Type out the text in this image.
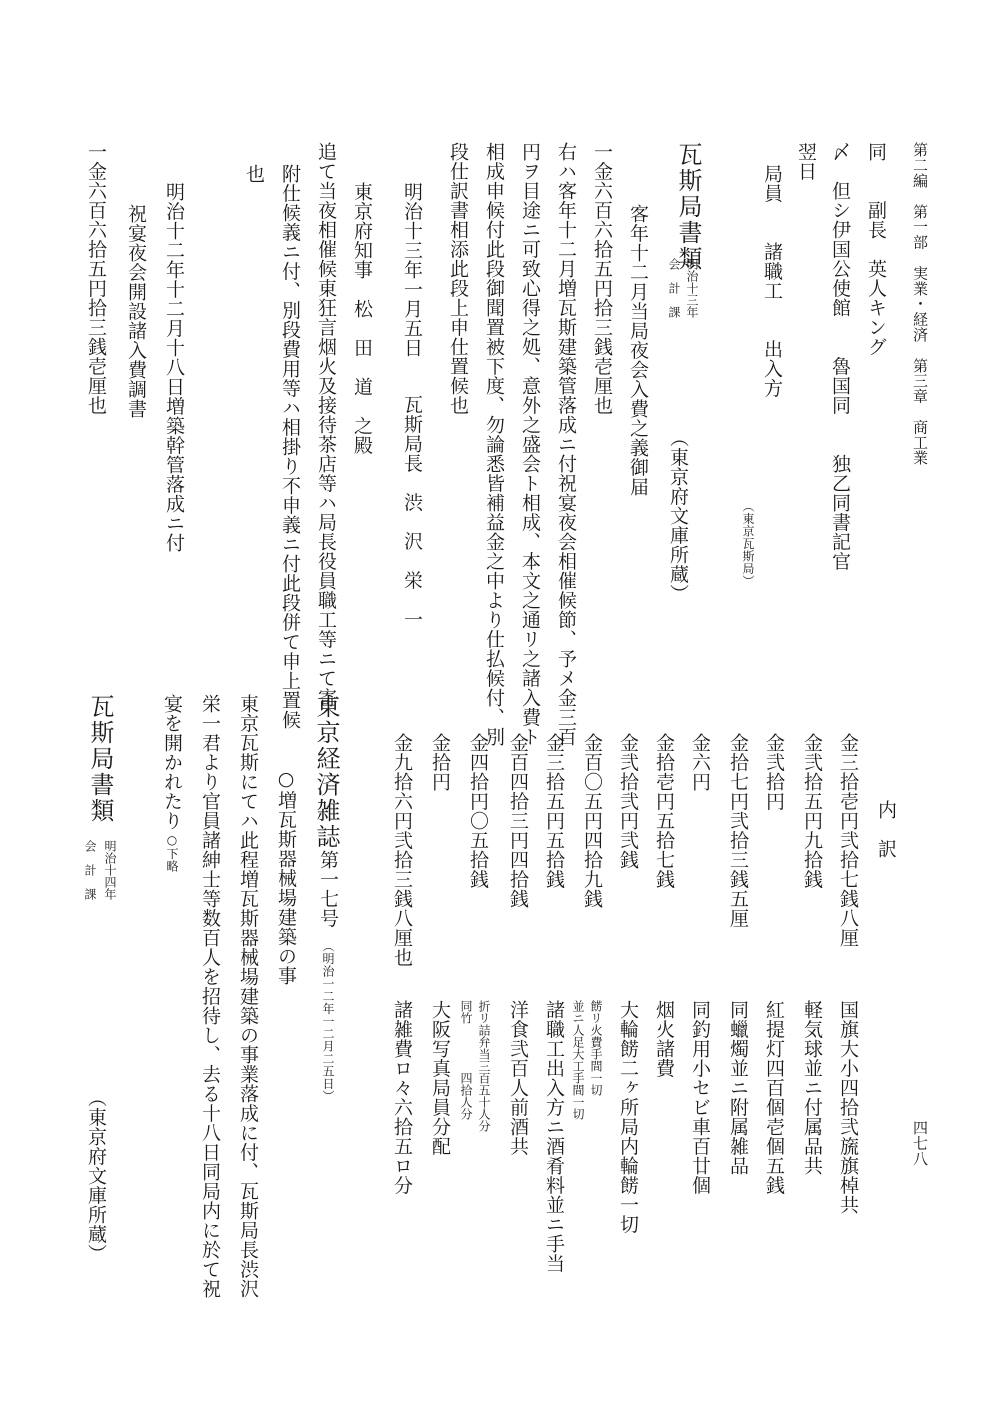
第二編　第一部　実業・経済　第三章　商工業
四七八
同　　副長　英人キング
〆　但シ伊国公使館　　魯国同　　独乙同書記官
翌日
局員　　諸職工　　出入方
（東京瓦斯局）
瓦斯局書類
明治十三年
会　計　課
（東京府文庫所蔵）
客年十二月当局夜会入費之義御届
一金六百六拾五円拾三銭壱厘也
右ハ客年十二月増瓦斯建築管落成ニ付祝宴夜会相催候節、予メ金三百
円ヲ目途ニ可致心得之処、意外之盛会ト相成、本文之通リ之諸入費ト
相成申候付此段御聞置被下度、勿論悉皆補益金之中より仕払候付、別
段仕訳書相添此段上申仕置候也
明治十三年一月五日
瓦斯局長　渋　沢　栄　一
東京府知事　松　田　道　之殿
追て当夜相催候東狂言烟火及接待茶店等ハ局長役員職工等ニて寄
附仕候義ニ付、別段費用等ハ相掛り不申義ニ付此段併て申上置候
也
明治十二年十二月十八日増築幹管落成ニ付
祝宴夜会開設諸入費調書
一金六百六拾五円拾三銭壱厘也
内　訳
金三拾壱円弐拾七銭八厘
国旗大小四拾弐旒旗棹共
金弐拾五円九拾銭
軽気球並ニ付属品共
金弐拾円
紅提灯四百個壱個五銭
金拾七円弐拾三銭五厘
同蠟燭並ニ附属雑品
金六円
同釣用小セビ車百廿個
金拾壱円五拾七銭
烟火諸費
金弐拾弐円弐銭
大輪餝二ヶ所局内輪餝一切
金百〇五円四拾九銭
餝リ火費手間一切
並ニ人足大工手間一切
金三拾五円五拾銭
諸職工出入方ニ酒肴料並ニ手当
金百四拾三円四拾銭
洋食弐百人前酒共
金四拾円〇五拾銭
折リ詰弁当三百五十人分
同竹　　　　四拾人分
金拾円
大阪写真局員分配
金九拾六円弐拾三銭八厘也
諸雑費ロ々六拾五ロ分
東京経済雑誌
第一七号
（明治一二年一二月二五日）
○増瓦斯器械場建築の事
東京瓦斯にてハ此程増瓦斯器械場建築の事業落成に付、瓦斯局長渋沢
栄一君より官員諸紳士等数百人を招待し、去る十八日同局内に於て祝
宴を開かれたり
○下略
瓦斯局書類
明治十四年
会　計　課
（東京府文庫所蔵）
